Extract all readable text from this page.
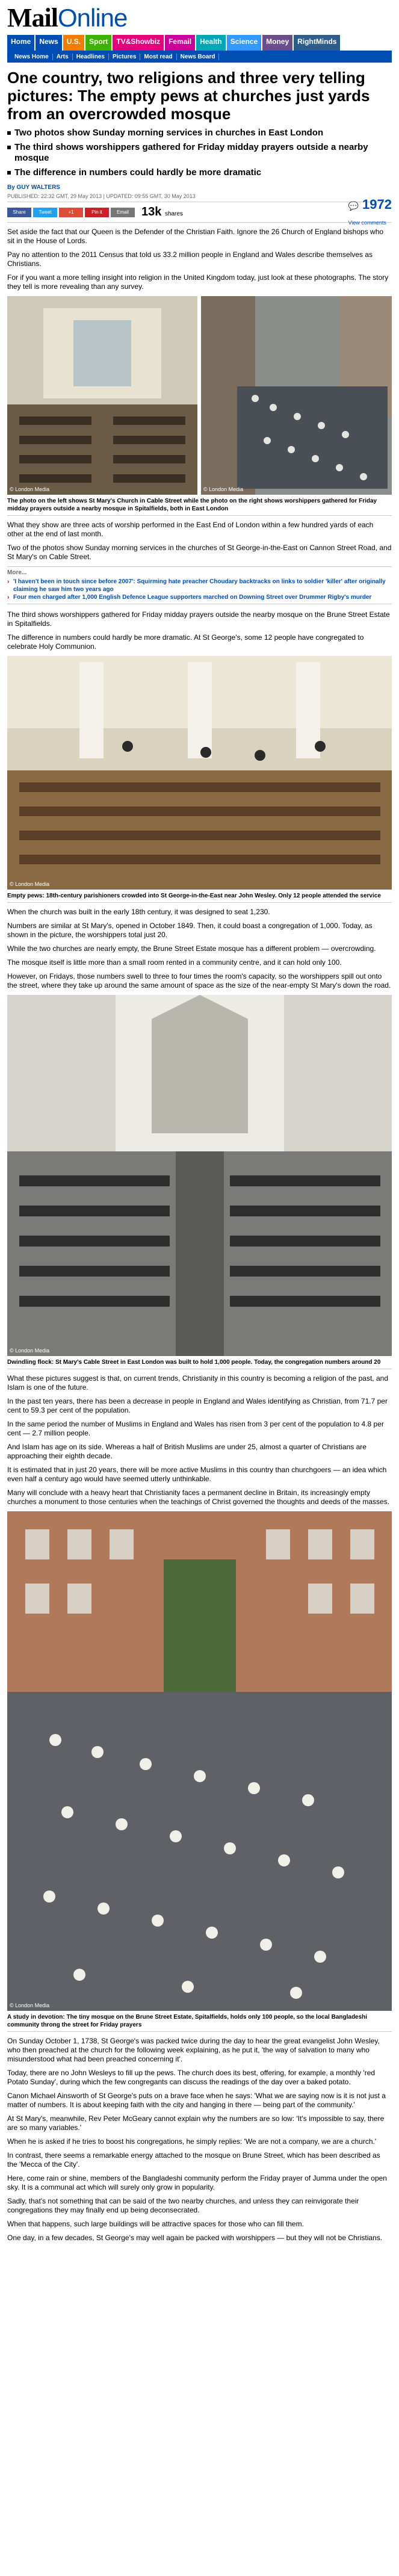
MailOnline
Home	News	U.S.	Sport	TV&Showbiz	Femail	Health	Science	Money	RightMinds
News Home	Arts	Headlines	Pictures	Most read	News Board
One country, two religions and three very telling pictures: The empty pews at churches just yards from an overcrowded mosque
Two photos show Sunday morning services in churches in East London
The third shows worshippers gathered for Friday midday prayers outside a nearby mosque
The difference in numbers could hardly be more dramatic
By GUY WALTERS
PUBLISHED: 22:32 GMT, 29 May 2013 | UPDATED: 09:55 GMT, 30 May 2013
Share	Tweet	+1	Pin it	Email	13k shares
💬 1972
View comments

Set aside the fact that our Queen is the Defender of the Christian Faith. Ignore the 26 Church of England bishops who sit in the House of Lords.

Pay no attention to the 2011 Census that told us 33.2 million people in England and Wales describe themselves as Christians.

For if you want a more telling insight into religion in the United Kingdom today, just look at these photographs. The story they tell is more revealing than any survey.

© London Media	© London Media
The photo on the left shows St Mary's Church in Cable Street while the photo on the right shows worshippers gathered for Friday midday prayers outside a nearby mosque in Spitalfields, both in East London

What they show are three acts of worship performed in the East End of London within a few hundred yards of each other at the end of last month.

Two of the photos show Sunday morning services in the churches of St George-in-the-East on Cannon Street Road, and St Mary's on Cable Street.

More...
› 'I haven't been in touch since before 2007': Squirming hate preacher Choudary backtracks on links to soldier 'killer' after originally claiming he saw him two years ago
› Four men charged after 1,000 English Defence League supporters marched on Downing Street over Drummer Rigby's murder

The third shows worshippers gathered for Friday midday prayers outside the nearby mosque on the Brune Street Estate in Spitalfields.

The difference in numbers could hardly be more dramatic. At St George's, some 12 people have congregated to celebrate Holy Communion.

© London Media
Empty pews: 18th-century parishioners crowded into St George-in-the-East near John Wesley. Only 12 people attended the service

When the church was built in the early 18th century, it was designed to seat 1,230.

Numbers are similar at St Mary's, opened in October 1849. Then, it could boast a congregation of 1,000. Today, as shown in the picture, the worshippers total just 20.

While the two churches are nearly empty, the Brune Street Estate mosque has a different problem — overcrowding.

The mosque itself is little more than a small room rented in a community centre, and it can hold only 100.

However, on Fridays, those numbers swell to three to four times the room's capacity, so the worshippers spill out onto the street, where they take up around the same amount of space as the size of the near-empty St Mary's down the road.

© London Media
Dwindling flock: St Mary's Cable Street in East London was built to hold 1,000 people. Today, the congregation numbers around 20

What these pictures suggest is that, on current trends, Christianity in this country is becoming a religion of the past, and Islam is one of the future.

In the past ten years, there has been a decrease in people in England and Wales identifying as Christian, from 71.7 per cent to 59.3 per cent of the population.

In the same period the number of Muslims in England and Wales has risen from 3 per cent of the population to 4.8 per cent — 2.7 million people.

And Islam has age on its side. Whereas a half of British Muslims are under 25, almost a quarter of Christians are approaching their eighth decade.

It is estimated that in just 20 years, there will be more active Muslims in this country than churchgoers — an idea which even half a century ago would have seemed utterly unthinkable.

Many will conclude with a heavy heart that Christianity faces a permanent decline in Britain, its increasingly empty churches a monument to those centuries when the teachings of Christ governed the thoughts and deeds of the masses.

© London Media
A study in devotion: The tiny mosque on the Brune Street Estate, Spitalfields, holds only 100 people, so the local Bangladeshi community throng the street for Friday prayers

On Sunday October 1, 1738, St George's was packed twice during the day to hear the great evangelist John Wesley, who then preached at the church for the following week explaining, as he put it, 'the way of salvation to many who misunderstood what had been preached concerning it'.

Today, there are no John Wesleys to fill up the pews. The church does its best, offering, for example, a monthly 'red Potato Sunday', during which the few congregants can discuss the readings of the day over a baked potato.

Canon Michael Ainsworth of St George's puts on a brave face when he says: 'What we are saying now is it is not just a matter of numbers. It is about keeping faith with the city and hanging in there — being part of the community.'

At St Mary's, meanwhile, Rev Peter McGeary cannot explain why the numbers are so low: 'It's impossible to say, there are so many variables.'

When he is asked if he tries to boost his congregations, he simply replies: 'We are not a company, we are a church.'

In contrast, there seems a remarkable energy attached to the mosque on Brune Street, which has been described as the 'Mecca of the City'.

Here, come rain or shine, members of the Bangladeshi community perform the Friday prayer of Jumma under the open sky. It is a communal act which will surely only grow in popularity.

Sadly, that's not something that can be said of the two nearby churches, and unless they can reinvigorate their congregations they may finally end up being deconsecrated.

When that happens, such large buildings will be attractive spaces for those who can fill them.

One day, in a few decades, St George's may well again be packed with worshippers — but they will not be Christians.
